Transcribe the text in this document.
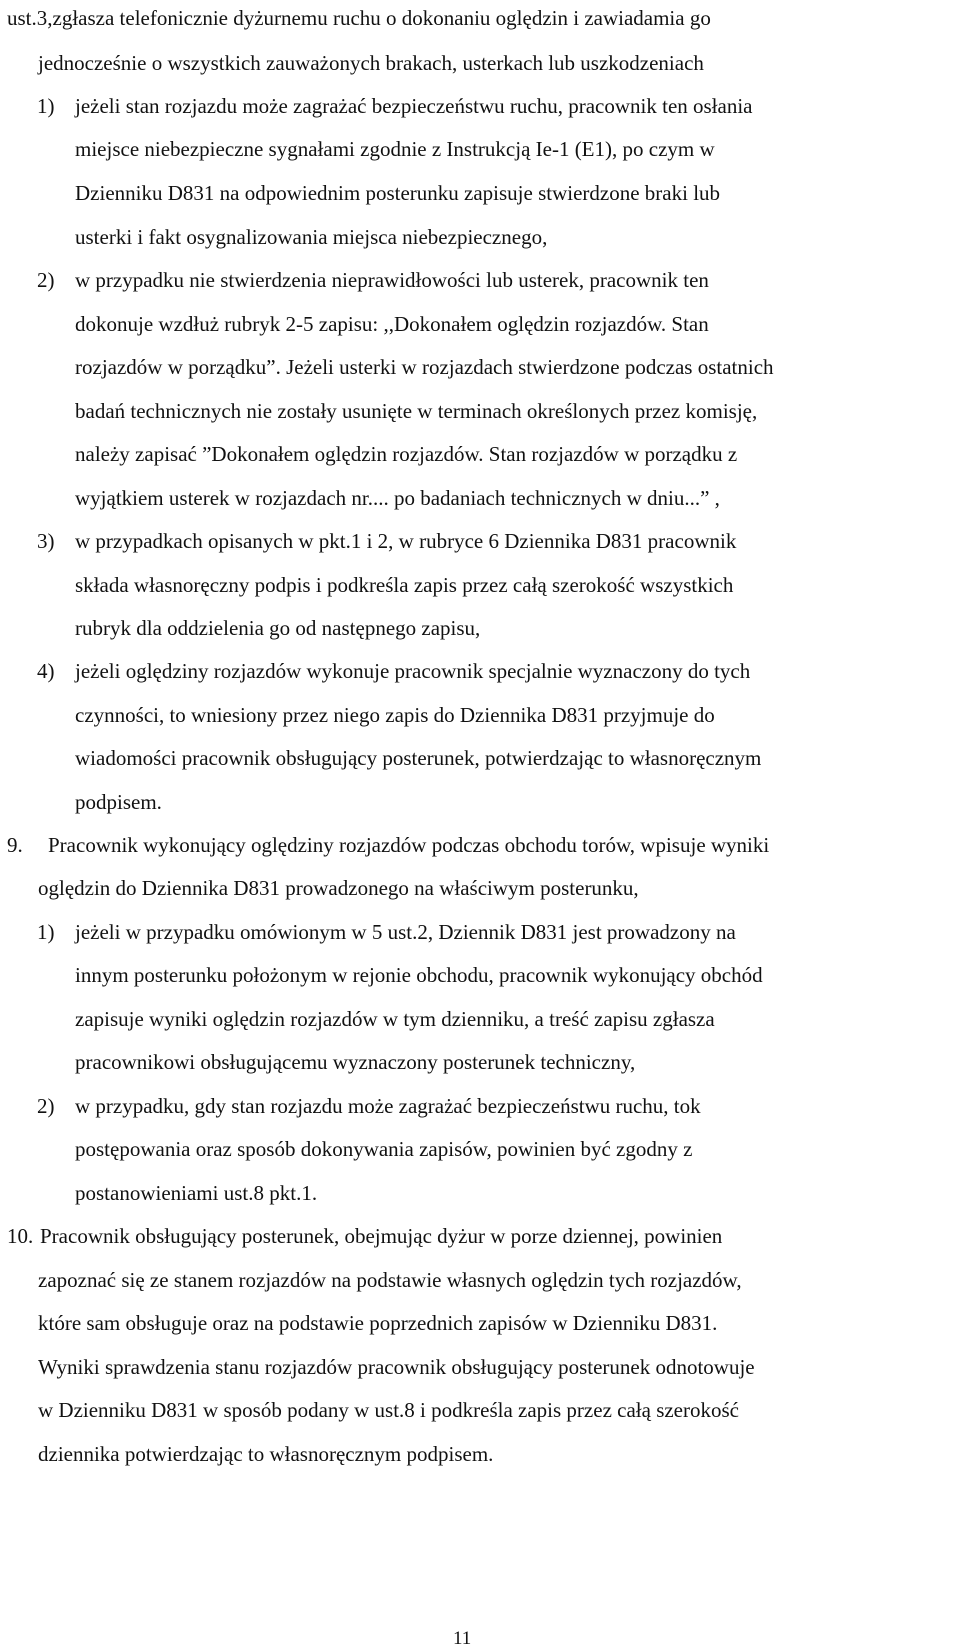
ust.3,zgłasza telefonicznie dyżurnemu ruchu o dokonaniu oględzin i zawiadamia go
jednocześnie o wszystkich zauważonych brakach, usterkach lub uszkodzeniach
1) jeżeli stan rozjazdu może zagrażać bezpieczeństwu ruchu, pracownik ten osłania
miejsce niebezpieczne sygnałami zgodnie z Instrukcją Ie-1 (E1), po czym w
Dzienniku D831 na odpowiednim posterunku zapisuje stwierdzone braki lub
usterki i fakt osygnalizowania miejsca niebezpiecznego,
2) w przypadku nie stwierdzenia nieprawidłowości lub usterek, pracownik ten
dokonuje wzdłuż rubryk 2-5 zapisu: ,,Dokonałem oględzin rozjazdów. Stan
rozjazdów w porządku”. Jeżeli usterki w rozjazdach stwierdzone podczas ostatnich
badań technicznych nie zostały usunięte w terminach określonych przez komisję,
należy zapisać ”Dokonałem oględzin rozjazdów. Stan rozjazdów w porządku z
wyjątkiem usterek w rozjazdach nr.... po badaniach technicznych w dniu...” ,
3) w przypadkach opisanych w pkt.1 i 2, w rubryce 6 Dziennika D831 pracownik
składa własnoręczny podpis i podkreśla zapis przez całą szerokość wszystkich
rubryk dla oddzielenia go od następnego zapisu,
4) jeżeli oględziny rozjazdów wykonuje pracownik specjalnie wyznaczony do tych
czynności, to wniesiony przez niego zapis do Dziennika D831 przyjmuje do
wiadomości pracownik obsługujący posterunek, potwierdzając to własnoręcznym
podpisem.
9. Pracownik wykonujący oględziny rozjazdów podczas obchodu torów, wpisuje wyniki
oględzin do Dziennika D831 prowadzonego na właściwym posterunku,
1) jeżeli w przypadku omówionym w 5 ust.2, Dziennik D831 jest prowadzony na
innym posterunku położonym w rejonie obchodu, pracownik wykonujący obchód
zapisuje wyniki oględzin rozjazdów w tym dzienniku, a treść zapisu zgłasza
pracownikowi obsługującemu wyznaczony posterunek techniczny,
2) w przypadku, gdy stan rozjazdu może zagrażać bezpieczeństwu ruchu, tok
postępowania oraz sposób dokonywania zapisów, powinien być zgodny z
postanowieniami ust.8 pkt.1.
10. Pracownik obsługujący posterunek, obejmując dyżur w porze dziennej, powinien
zapoznać się ze stanem rozjazdów na podstawie własnych oględzin tych rozjazdów,
które sam obsługuje oraz na podstawie poprzednich zapisów w Dzienniku D831.
Wyniki sprawdzenia stanu rozjazdów pracownik obsługujący posterunek odnotowuje
w Dzienniku D831 w sposób podany w ust.8 i podkreśla zapis przez całą szerokość
dziennika potwierdzając to własnoręcznym podpisem.
11
